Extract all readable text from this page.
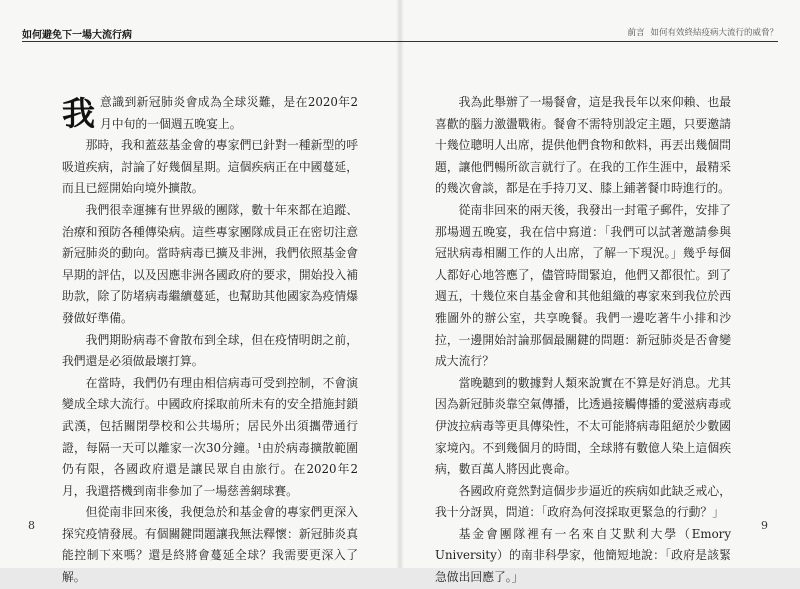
如何避免下一場大流行病

我意識到新冠肺炎會成為全球災難，是在2020年2月中旬的一個週五晚宴上。

那時，我和蓋茲基金會的專家們已針對一種新型的呼吸道疾病，討論了好幾個星期。這個疾病正在中國蔓延，而且已經開始向境外擴散。

我們很幸運擁有世界級的團隊，數十年來都在追蹤、治療和預防各種傳染病。這些專家團隊成員正在密切注意新冠肺炎的動向。當時病毒已擴及非洲，我們依照基金會早期的評估，以及因應非洲各國政府的要求，開始投入補助款，除了防堵病毒繼續蔓延，也幫助其他國家為疫情爆發做好準備。

我們期盼病毒不會散布到全球，但在疫情明朗之前，我們還是必須做最壞打算。

在當時，我們仍有理由相信病毒可受到控制，不會演變成全球大流行。中國政府採取前所未有的安全措施封鎖武漢，包括關閉學校和公共場所；居民外出須攜帶通行證，每隔一天可以離家一次30分鐘。¹由於病毒擴散範圍仍有限，各國政府還是讓民眾自由旅行。在2020年2月，我還搭機到南非參加了一場慈善網球賽。

但從南非回來後，我便急於和基金會的專家們更深入探究疫情發展。有個關鍵問題讓我無法釋懷：新冠肺炎真能控制下來嗎？還是終將會蔓延全球？我需要更深入了解。

8
前言 如何有效終結疫病大流行的威脅？

我為此舉辦了一場餐會，這是我長年以來仰賴、也最喜歡的腦力激盪戰術。餐會不需特別設定主題，只要邀請十幾位聰明人出席，提供他們食物和飲料，再丟出幾個問題，讓他們暢所欲言就行了。在我的工作生涯中，最精采的幾次會談，都是在手持刀叉、膝上鋪著餐巾時進行的。

從南非回來的兩天後，我發出一封電子郵件，安排了那場週五晚宴，我在信中寫道：「我們可以試著邀請參與冠狀病毒相關工作的人出席，了解一下現況。」幾乎每個人都好心地答應了，儘管時間緊迫，他們又都很忙。到了週五，十幾位來自基金會和其他組織的專家來到我位於西雅圖外的辦公室，共享晚餐。我們一邊吃著牛小排和沙拉，一邊開始討論那個最關鍵的問題：新冠肺炎是否會變成大流行？

當晚聽到的數據對人類來說實在不算是好消息。尤其因為新冠肺炎靠空氣傳播，比透過接觸傳播的愛滋病毒或伊波拉病毒等更具傳染性，不太可能將病毒阻絕於少數國家境內。不到幾個月的時間，全球將有數億人染上這個疾病，數百萬人將因此喪命。

各國政府竟然對這個步步逼近的疾病如此缺乏戒心，我十分訝異，問道：「政府為何沒採取更緊急的行動？」

基金會團隊裡有一名來自艾默利大學（Emory University）的南非科學家，他簡短地說：「政府是該緊急做出回應了。」

9
